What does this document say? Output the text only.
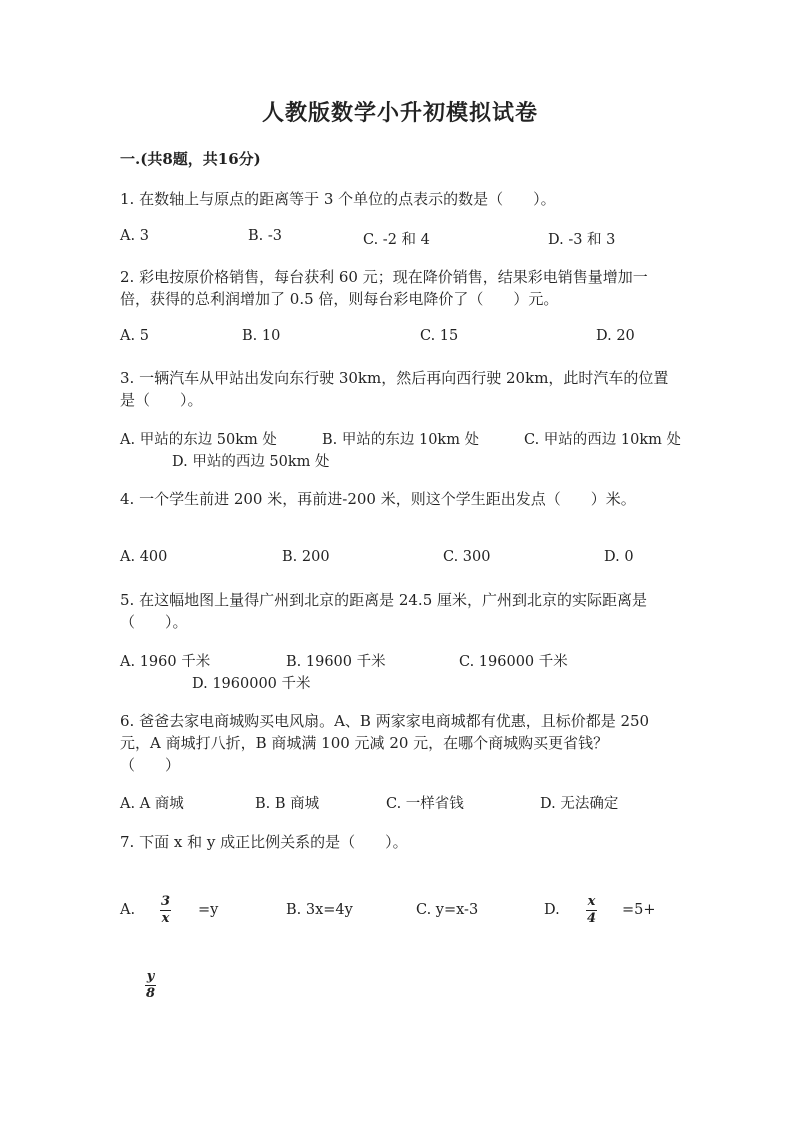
人教版数学小升初模拟试卷
一.(共8题，共16分)
1. 在数轴上与原点的距离等于 3 个单位的点表示的数是（　　）。
A. 3	B. -3	C. -2 和 4	D. -3 和 3
2. 彩电按原价格销售，每台获利 60 元；现在降价销售，结果彩电销售量增加一
倍，获得的总利润增加了 0.5 倍，则每台彩电降价了（　　）元。
A. 5	B. 10	C. 15	D. 20
3. 一辆汽车从甲站出发向东行驶 30km，然后再向西行驶 20km，此时汽车的位置
是（　　）。
A. 甲站的东边 50km 处	B. 甲站的东边 10km 处	C. 甲站的西边 10km 处
D. 甲站的西边 50km 处
4. 一个学生前进 200 米，再前进-200 米，则这个学生距出发点（　　）米。
A. 400	B. 200	C. 300	D. 0
5. 在这幅地图上量得广州到北京的距离是 24.5 厘米，广州到北京的实际距离是
（　　）。
A. 1960 千米	B. 19600 千米	C. 196000 千米
D. 1960000 千米
6. 爸爸去家电商城购买电风扇。A、B 两家家电商城都有优惠，且标价都是 250
元，A 商城打八折，B 商城满 100 元减 20 元，在哪个商城购买更省钱？
（　　）
A. A 商城	B. B 商城	C. 一样省钱	D. 无法确定
7. 下面 x 和 y 成正比例关系的是（　　）。
A.
3
x
=y	B. 3x=4y	C. y=x-3	D.
x
4
=5+
y
8
